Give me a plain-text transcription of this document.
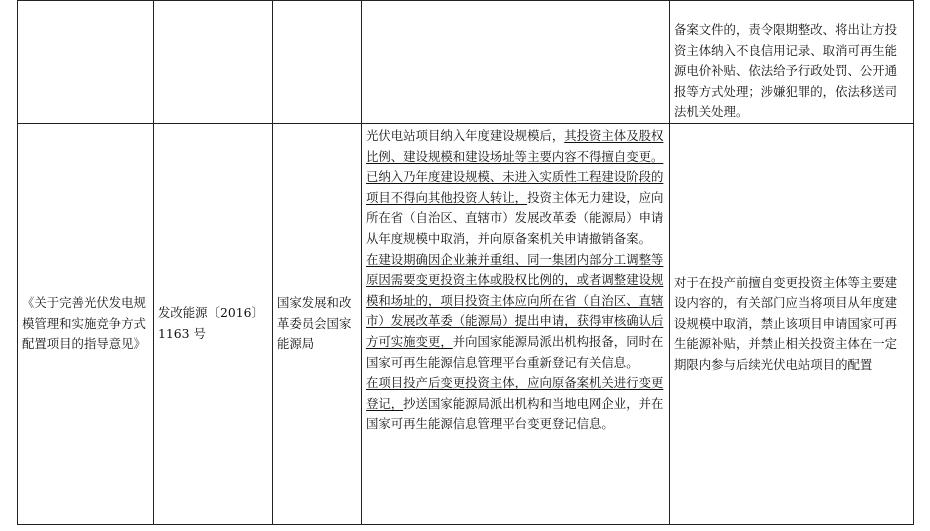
				备案文件的，责令限期整改、将出让方投资主体纳入不良信用记录、取消可再生能源电价补贴、依法给予行政处罚、公开通报等方式处理；涉嫌犯罪的，依法移送司法机关处理。
《关于完善光伏发电规模管理和实施竞争方式配置项目的指导意见》	发改能源〔2016〕1163 号	国家发展和改革委员会国家能源局	光伏电站项目纳入年度建设规模后，其投资主体及股权比例、建设规模和建设场址等主要内容不得擅自变更。

已纳入乃年度建设规模、未进入实质性工程建设阶段的项目不得向其他投资人转让，投资主体无力建设，应向所在省（自治区、直辖市）发展改革委（能源局）申请从年度规模中取消，并向原备案机关申请撤销备案。

在建设期确因企业兼并重组、同一集团内部分工调整等原因需要变更投资主体或股权比例的，或者调整建设规模和场址的，项目投资主体应向所在省（自治区、直辖市）发展改革委（能源局）提出申请，获得审核确认后方可实施变更，并向国家能源局派出机构报备，同时在国家可再生能源信息管理平台重新登记有关信息。

在项目投产后变更投资主体，应向原备案机关进行变更登记，抄送国家能源局派出机构和当地电网企业，并在国家可再生能源信息管理平台变更登记信息。	对于在投产前擅自变更投资主体等主要建设内容的，有关部门应当将项目从年度建设规模中取消，禁止该项目申请国家可再生能源补贴，并禁止相关投资主体在一定期限内参与后续光伏电站项目的配置
